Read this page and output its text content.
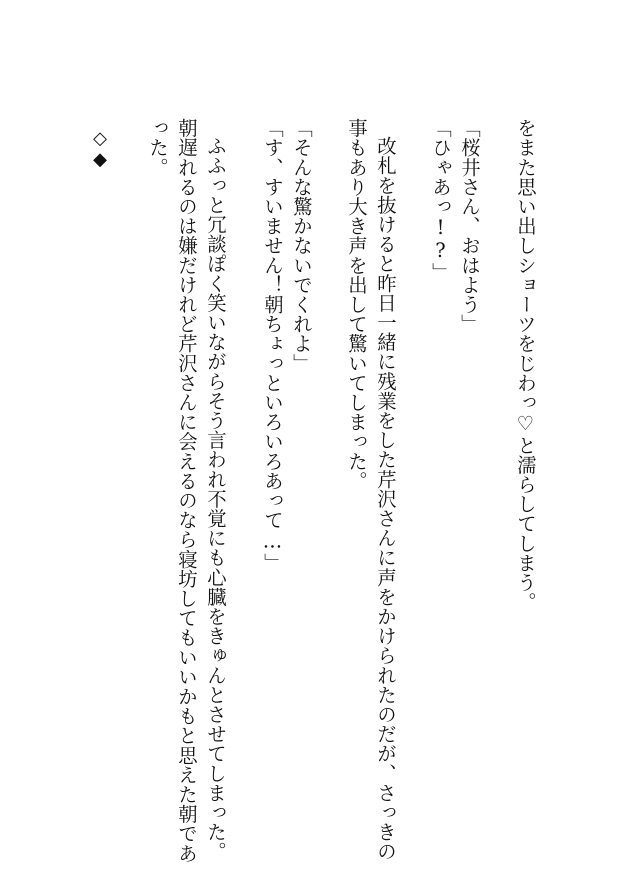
をまた思い出しショーツをじわっ♡と濡らしてしまう。
「桜井さん、おはよう」
「ひゃあっ!?」
改札を抜けると昨日一緒に残業をした芹沢さんに声をかけられたのだが、さっきの
事もあり大き声を出して驚いてしまった。
「そんな驚かないでくれよ」
「す、すいません！朝ちょっといろいろあって…」
ふふっと冗談ぽく笑いながらそう言われ不覚にも心臓をきゅんとさせてしまった。
朝遅れるのは嫌だけれど芹沢さんに会えるのなら寝坊してもいいかもと思えた朝であ
った。
◇
◆
